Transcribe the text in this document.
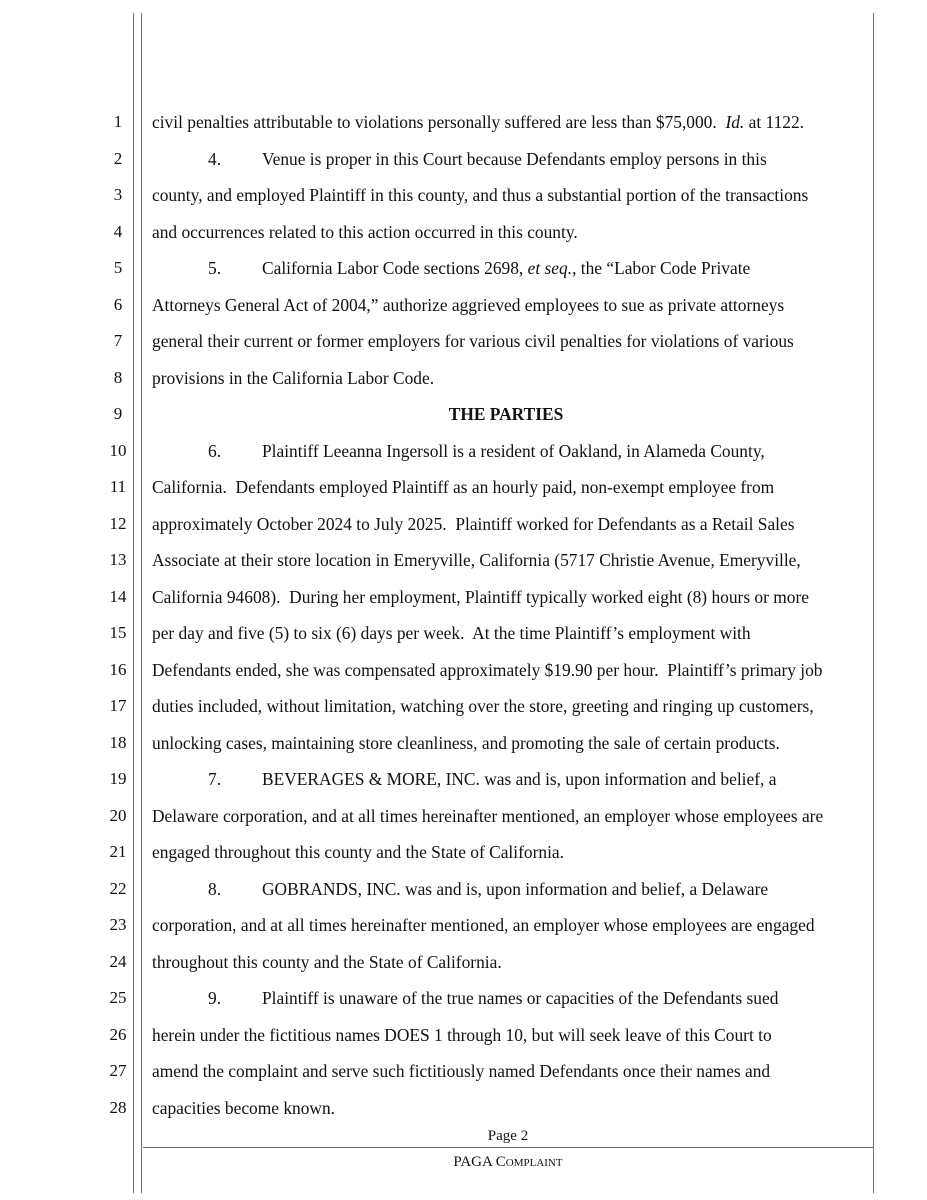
1	civil penalties attributable to violations personally suffered are less than $75,000.  Id. at 1122.
2	4. Venue is proper in this Court because Defendants employ persons in this
3	county, and employed Plaintiff in this county, and thus a substantial portion of the transactions
4	and occurrences related to this action occurred in this county.
5	5. California Labor Code sections 2698, et seq., the “Labor Code Private
6	Attorneys General Act of 2004,” authorize aggrieved employees to sue as private attorneys
7	general their current or former employers for various civil penalties for violations of various
8	provisions in the California Labor Code.
9	THE PARTIES
10	6. Plaintiff Leeanna Ingersoll is a resident of Oakland, in Alameda County,
11	California.  Defendants employed Plaintiff as an hourly paid, non-exempt employee from
12	approximately October 2024 to July 2025.  Plaintiff worked for Defendants as a Retail Sales
13	Associate at their store location in Emeryville, California (5717 Christie Avenue, Emeryville,
14	California 94608).  During her employment, Plaintiff typically worked eight (8) hours or more
15	per day and five (5) to six (6) days per week.  At the time Plaintiff’s employment with
16	Defendants ended, she was compensated approximately $19.90 per hour.  Plaintiff’s primary job
17	duties included, without limitation, watching over the store, greeting and ringing up customers,
18	unlocking cases, maintaining store cleanliness, and promoting the sale of certain products.
19	7. BEVERAGES & MORE, INC. was and is, upon information and belief, a
20	Delaware corporation, and at all times hereinafter mentioned, an employer whose employees are
21	engaged throughout this county and the State of California.
22	8. GOBRANDS, INC. was and is, upon information and belief, a Delaware
23	corporation, and at all times hereinafter mentioned, an employer whose employees are engaged
24	throughout this county and the State of California.
25	9. Plaintiff is unaware of the true names or capacities of the Defendants sued
26	herein under the fictitious names DOES 1 through 10, but will seek leave of this Court to
27	amend the complaint and serve such fictitiously named Defendants once their names and
28	capacities become known.
Page 2
PAGA Complaint
